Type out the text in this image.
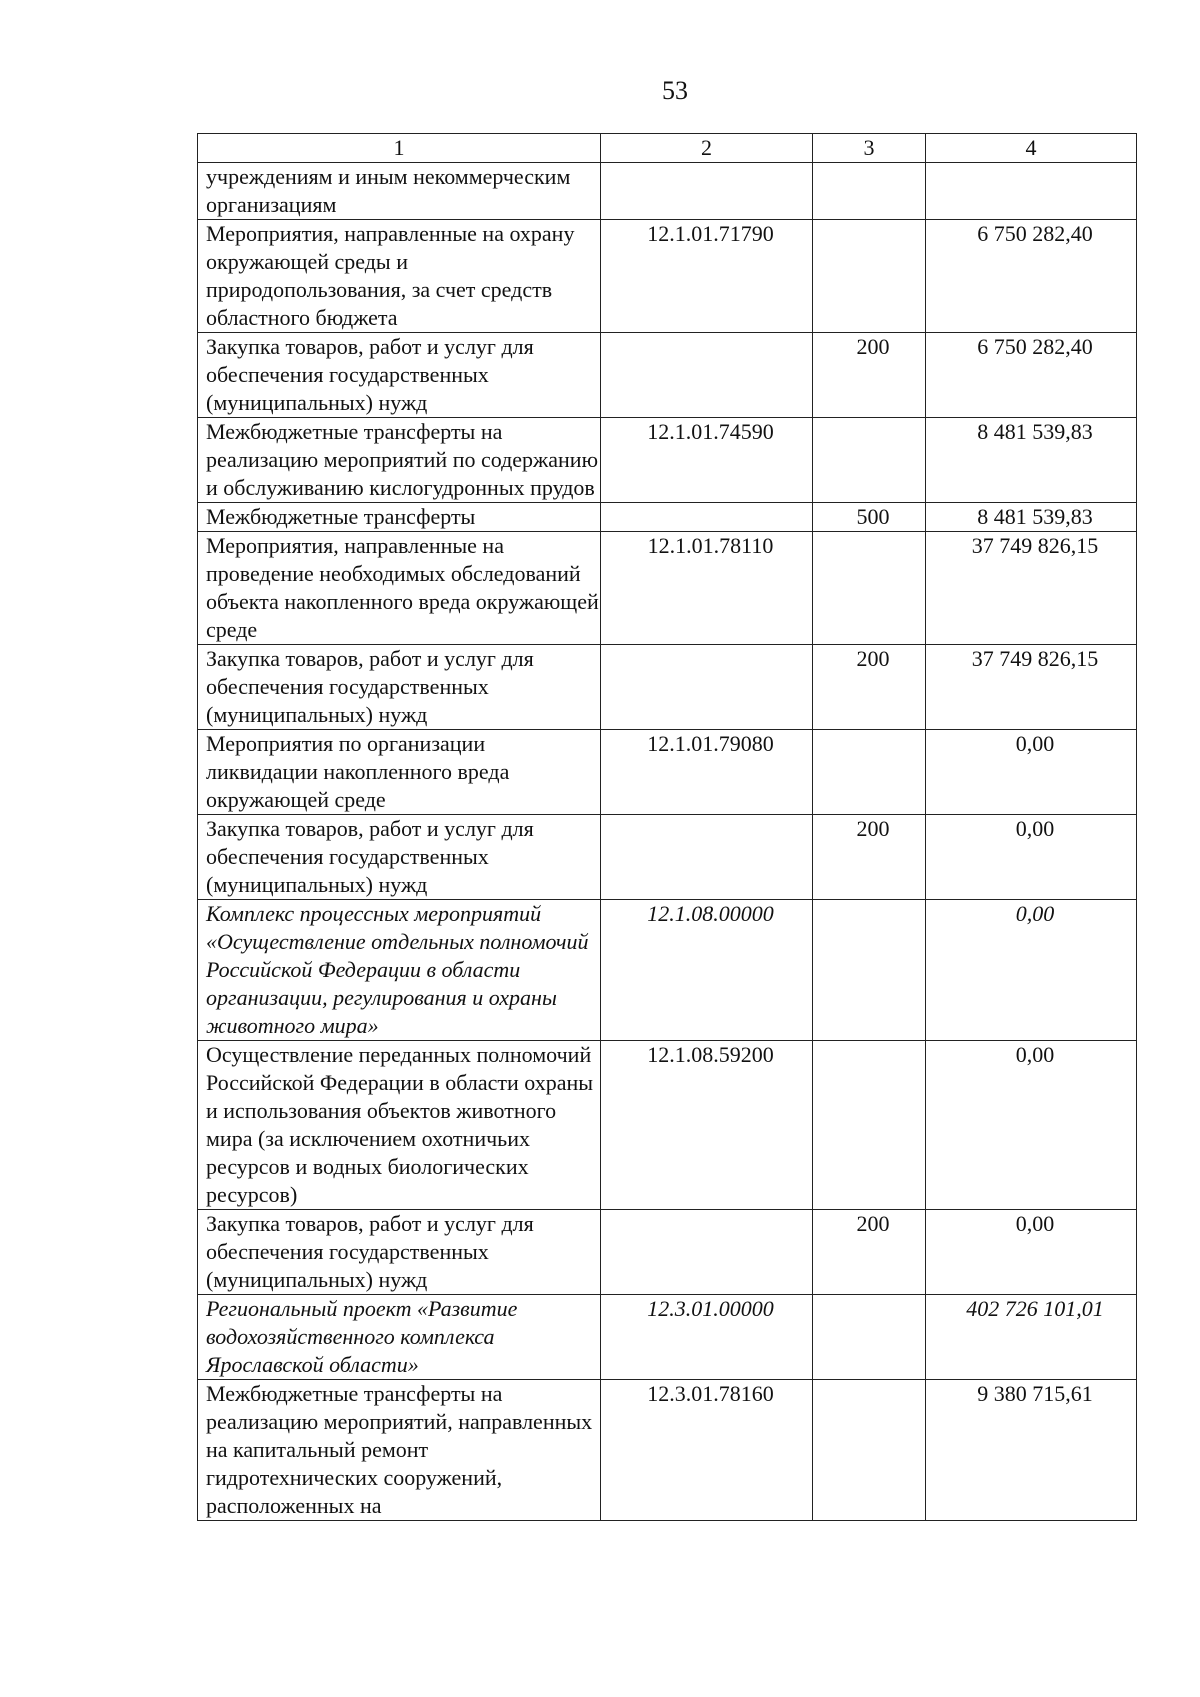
53
1	2	3	4
учреждениям и иным некоммерческим организациям			
Мероприятия, направленные на охрану окружающей среды и природопользования, за счет средств областного бюджета	12.1.01.71790		6 750 282,40
Закупка товаров, работ и услуг для обеспечения государственных (муниципальных) нужд		200	6 750 282,40
Межбюджетные трансферты на реализацию мероприятий по содержанию и обслуживанию кислогудронных прудов	12.1.01.74590		8 481 539,83
Межбюджетные трансферты		500	8 481 539,83
Мероприятия, направленные на проведение необходимых обследований объекта накопленного вреда окружающей среде	12.1.01.78110		37 749 826,15
Закупка товаров, работ и услуг для обеспечения государственных (муниципальных) нужд		200	37 749 826,15
Мероприятия по организации ликвидации накопленного вреда окружающей среде	12.1.01.79080		0,00
Закупка товаров, работ и услуг для обеспечения государственных (муниципальных) нужд		200	0,00
Комплекс процессных мероприятий «Осуществление отдельных полномочий Российской Федерации в области организации, регулирования и охраны животного мира»	12.1.08.00000		0,00
Осуществление переданных полномочий Российской Федерации в области охраны и использования объектов животного мира (за исключением охотничьих ресурсов и водных биологических ресурсов)	12.1.08.59200		0,00
Закупка товаров, работ и услуг для обеспечения государственных (муниципальных) нужд		200	0,00
Региональный проект «Развитие водохозяйственного комплекса Ярославской области»	12.3.01.00000		402 726 101,01
Межбюджетные трансферты на реализацию мероприятий, направленных на капитальный ремонт гидротехнических сооружений, расположенных на	12.3.01.78160		9 380 715,61
